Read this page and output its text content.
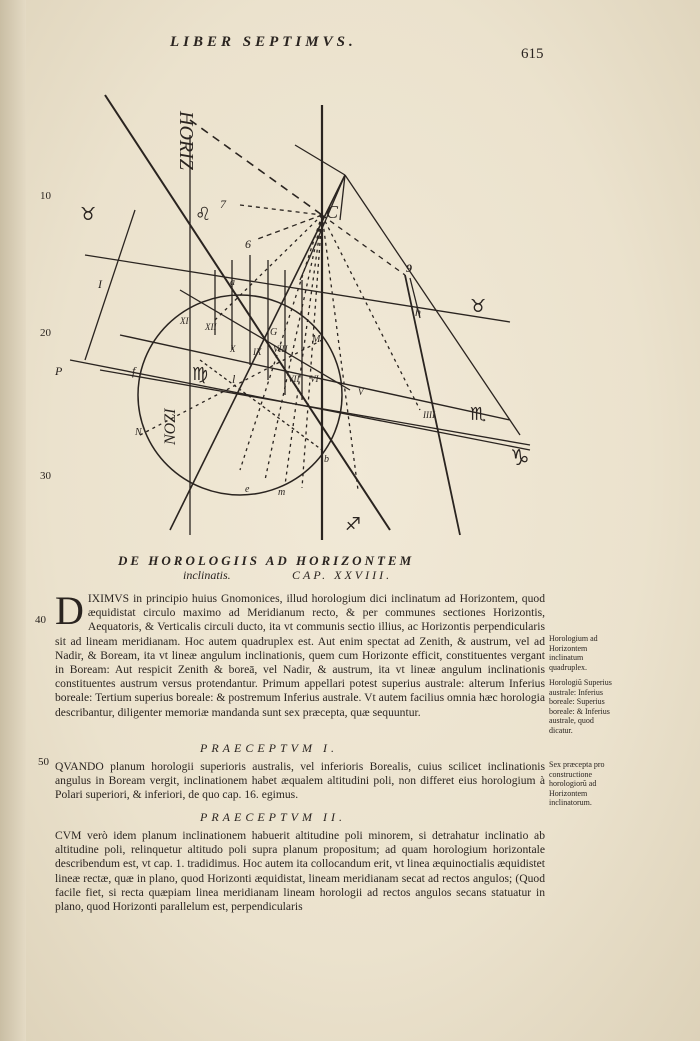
LIBER SEPTIMVS.
615
10
20
30
40
50
HORIZ
NOZI
C
h
9
6
7
XI
XII
X IX VIII
VII VI
V
IIII
a
G
M
N
f
l
b
e	m
P
I
♉	♌
♉
♍
♏
♑
♐
DE HOROLOGIIS AD HORIZONTEM
inclinatis.	CAP. XXVIII.
DIXIMVS in principio huius Gnomonices, illud horologium dici inclinatum ad Horizontem, quod æquidistat circulo maximo ad Meridianum recto, & per communes sectiones Horizontis, Aequatoris, & Verticalis circuli ducto, ita vt communis sectio illius, ac Horizontis perpendicularis sit ad lineam meridianam. Hoc autem quadruplex est. Aut enim spectat ad Zenith, & austrum, vel ad Nadir, & Boream, ita vt lineæ angulum inclinationis, quem cum Horizonte efficit, constituentes vergant in Boream: Aut respicit Zenith & boreā, vel Nadir, & austrum, ita vt lineæ angulum inclinationis constituentes austrum versus protendantur. Primum appellari potest superius australe: alterum Inferius boreale: Tertium superius boreale: & postremum Inferius australe. Vt autem facilius omnia hæc horologia describantur, diligenter memoriæ mandanda sunt sex præcepta, quæ sequuntur.
PRAECEPTVM I.
QVANDO planum horologii superioris australis, vel inferioris Borealis, cuius scilicet inclinationis angulus in Boream vergit, inclinationem habet æqualem altitudini poli, non differet eius horologium à Polari superiori, & inferiori, de quo cap. 16. egimus.
PRAECEPTVM II.
CVM verò idem planum inclinationem habuerit altitudine poli minorem, si detrahatur inclinatio ab altitudine poli, relinquetur altitudo poli supra planum propositum; ad quam horologium horizontale describendum est, vt cap. 1. tradidimus. Hoc autem ita collocandum erit, vt linea æquinoctialis æquidistet lineæ rectæ, quæ in plano, quod Horizonti æquidistat, lineam meridianam secat ad rectos angulos; (Quod facile fiet, si recta quæpiam linea meridianam lineam horologii ad rectos angulos secans statuatur in plano, quod Horizonti parallelum est, perpendicularis
Horologium ad Horizontem inclinatum quadruplex.
Horologiũ Superius australe: Inferius boreale: Superius boreale: & Inferius australe, quod dicatur.
Sex præcepta pro constructione horologiorũ ad Horizontem inclinatorum.
